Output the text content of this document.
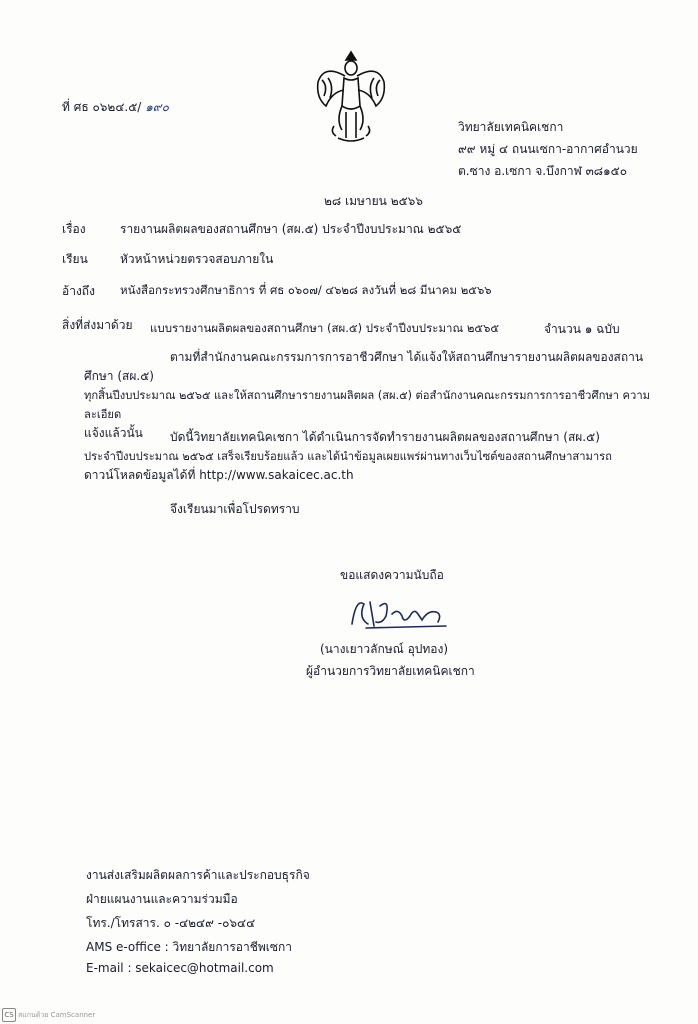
ที่ ศธ ๐๖๒๔.๕/ ๑๙๐
วิทยาลัยเทคนิคเชกา
๙๙ หมู่ ๔ ถนนเซกา-อากาศอำนวย
ต.ซาง อ.เซกา จ.บึงกาฬ ๓๘๑๕๐
๒๘ เมษายน ๒๕๖๖
เรื่อง	รายงานผลิตผลของสถานศึกษา (สผ.๕) ประจำปีงบประมาณ ๒๕๖๕
เรียน	หัวหน้าหน่วยตรวจสอบภายใน
อ้างถึง หนังสือกระทรวงศึกษาธิการ ที่ ศธ ๐๖๐๗/ ๔๖๒๘ ลงวันที่ ๒๘ มีนาคม ๒๕๖๖
สิ่งที่ส่งมาด้วย แบบรายงานผลิตผลของสถานศึกษา (สผ.๕) ประจำปีงบประมาณ ๒๕๖๕	จำนวน ๑ ฉบับ
ตามที่สำนักงานคณะกรรมการการอาชีวศึกษา ได้แจ้งให้สถานศึกษารายงานผลิตผลของสถานศึกษา (สผ.๕)
ทุกสิ้นปีงบประมาณ ๒๕๖๕ และให้สถานศึกษารายงานผลิตผล (สผ.๕) ต่อสำนักงานคณะกรรมการการอาชีวศึกษา ความละเอียด
แจ้งแล้วนั้น	บัดนี้วิทยาลัยเทคนิคเชกา ได้ดำเนินการจัดทำรายงานผลิตผลของสถานศึกษา (สผ.๕)
ประจำปีงบประมาณ ๒๕๖๕ เสร็จเรียบร้อยแล้ว และได้นำข้อมูลเผยแพร่ผ่านทางเว็บไซต์ของสถานศึกษาสามารถ
ดาวน์โหลดข้อมูลได้ที่ http://www.sakaicec.ac.th
จึงเรียนมาเพื่อโปรดทราบ
ขอแสดงความนับถือ
(นางเยาวลักษณ์ อุปทอง)
ผู้อำนวยการวิทยาลัยเทคนิคเชกา
งานส่งเสริมผลิตผลการค้าและประกอบธุรกิจ
ฝ่ายแผนงานและความร่วมมือ
โทร./โทรสาร. ๐ -๔๒๔๙ -๐๖๔๔
AMS e-office : วิทยาลัยการอาชีพเซกา
E-mail : sekaicec@hotmail.com
CS สแกนด้วย CamScanner
